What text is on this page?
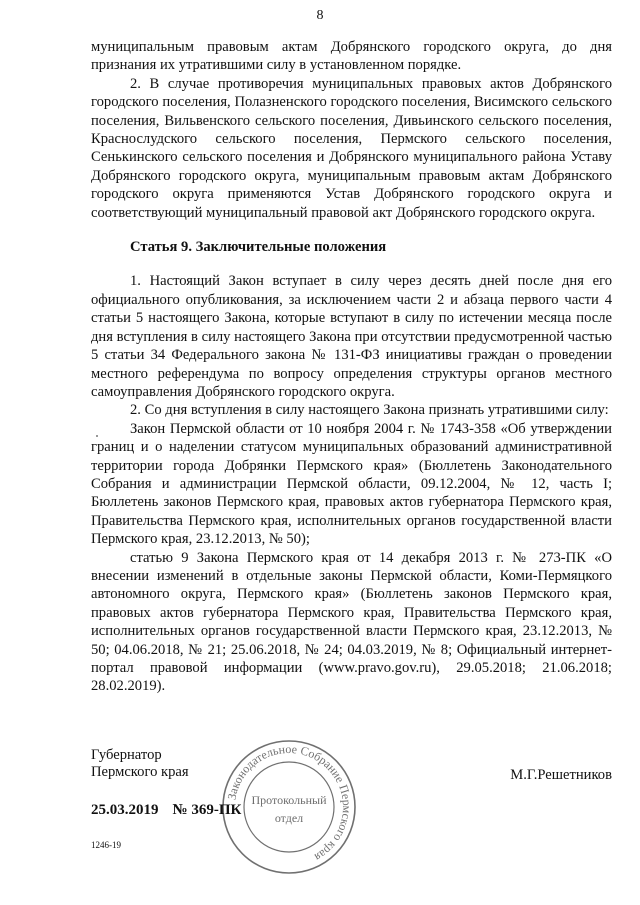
8

муниципальным правовым актам Добрянского городского округа, до дня признания их утратившими силу в установленном порядке.

2. В случае противоречия муниципальных правовых актов Добрянского городского поселения, Полазненского городского поселения, Висимского сельского поселения, Вильвенского сельского поселения, Дивьинского сельского поселения, Краснослудского сельского поселения, Пермского сельского поселения, Сенькинского сельского поселения и Добрянского муниципального района Уставу Добрянского городского округа, муниципальным правовым актам Добрянского городского округа применяются Устав Добрянского городского округа и соответствующий муниципальный правовой акт Добрянского городского округа.

Статья 9. Заключительные положения

1. Настоящий Закон вступает в силу через десять дней после дня его официального опубликования, за исключением части 2 и абзаца первого части 4 статьи 5 настоящего Закона, которые вступают в силу по истечении месяца после дня вступления в силу настоящего Закона при отсутствии предусмотренной частью 5 статьи 34 Федерального закона № 131-ФЗ инициативы граждан о проведении местного референдума по вопросу определения структуры органов местного самоуправления Добрянского городского округа.

2. Со дня вступления в силу настоящего Закона признать утратившими силу:

Закон Пермской области от 10 ноября 2004 г. № 1743-358 «Об утверждении границ и о наделении статусом муниципальных образований административной территории города Добрянки Пермского края» (Бюллетень Законодательного Собрания и администрации Пермской области, 09.12.2004, № 12, часть I; Бюллетень законов Пермского края, правовых актов губернатора Пермского края, Правительства Пермского края, исполнительных органов государственной власти Пермского края, 23.12.2013, № 50);

статью 9 Закона Пермского края от 14 декабря 2013 г. № 273-ПК «О внесении изменений в отдельные законы Пермской области, Коми-Пермяцкого автономного округа, Пермского края» (Бюллетень законов Пермского края, правовых актов губернатора Пермского края, Правительства Пермского края, исполнительных органов государственной власти Пермского края, 23.12.2013, № 50; 04.06.2018, № 21; 25.06.2018, № 24; 04.03.2019, № 8; Официальный интернет-портал правовой информации (www.pravo.gov.ru), 29.05.2018; 21.06.2018; 28.02.2019).

Губернатор
Пермского края	М.Г.Решетников
Законодательное Собрание Пермского края
Протокольный
отдел
25.03.2019 № 369-ПК
1246-19
